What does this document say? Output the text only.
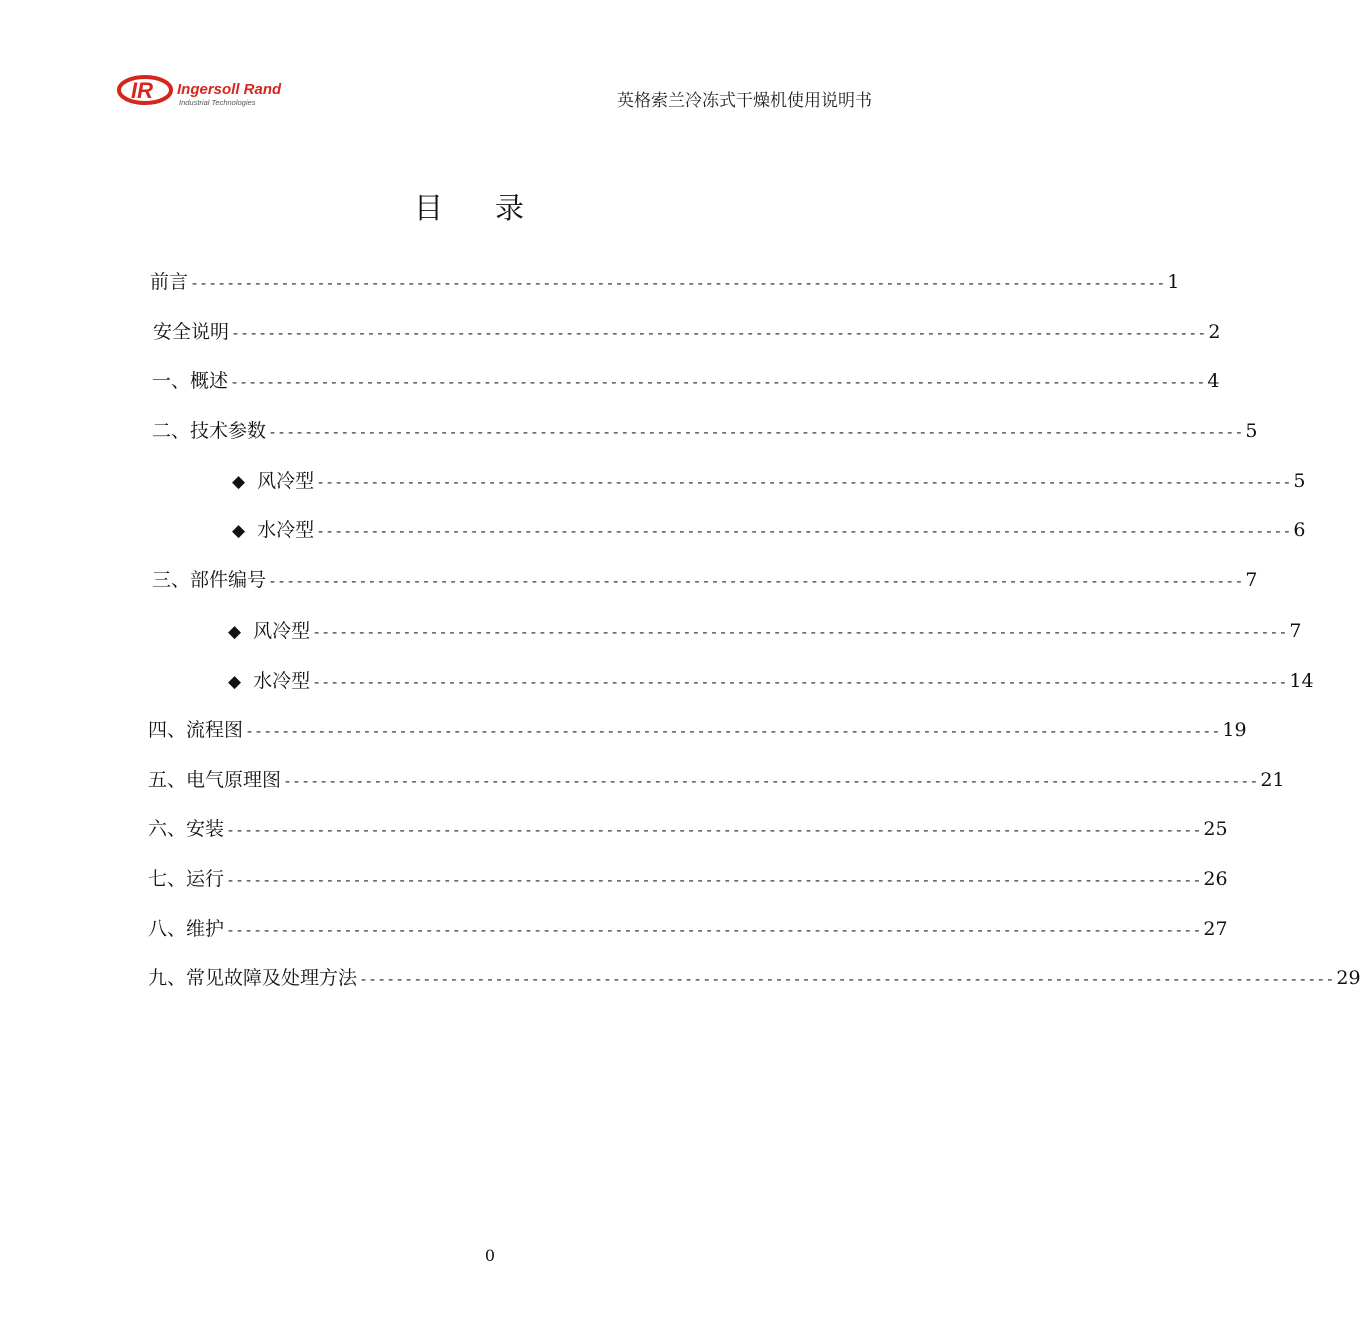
IR Ingersoll Rand
Industrial Technologies	英格索兰冷冻式干燥机使用说明书
目录
前 言 ------------------------------------------------------------------------------------------------------------ 1
安全说明 ------------------------------------------------------------------------------------------------------------ 2
一、 概述 ------------------------------------------------------------------------------------------------------------ 4
二、 技术参数 ------------------------------------------------------------------------------------------------------------ 5
◆ 风冷型 ------------------------------------------------------------------------------------------------------------ 5
◆ 水冷型 ------------------------------------------------------------------------------------------------------------ 6
三、 部件编号 ------------------------------------------------------------------------------------------------------------ 7
◆ 风冷型 ------------------------------------------------------------------------------------------------------------ 7
◆ 水冷型 ------------------------------------------------------------------------------------------------------------ 14
四、 流程图 ------------------------------------------------------------------------------------------------------------ 19
五、 电气原理图 ------------------------------------------------------------------------------------------------------------ 21
六、 安装 ------------------------------------------------------------------------------------------------------------ 25
七、 运行 ------------------------------------------------------------------------------------------------------------ 26
八、 维护 ------------------------------------------------------------------------------------------------------------ 27
九、 常见故障及处理方法 ------------------------------------------------------------------------------------------------------------ 29
0
